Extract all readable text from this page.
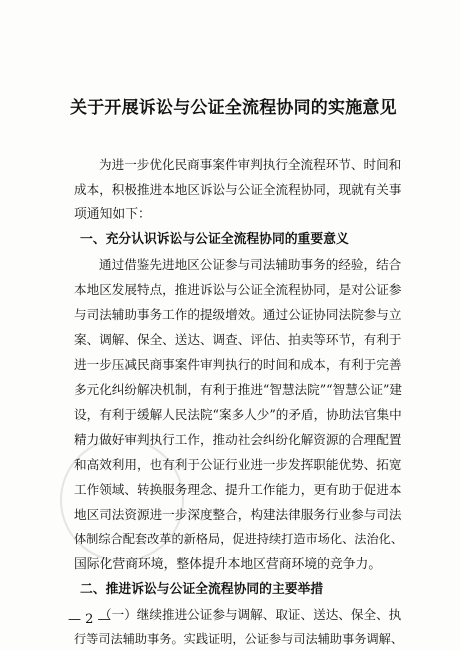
关于开展诉讼与公证全流程协同的实施意见
为进一步优化民商事案件审判执行全流程环节、时间和
成本，积极推进本地区诉讼与公证全流程协同，现就有关事
项通知如下：
一、充分认识诉讼与公证全流程协同的重要意义
通过借鉴先进地区公证参与司法辅助事务的经验，结合
本地区发展特点，推进诉讼与公证全流程协同，是对公证参
与司法辅助事务工作的提级增效。通过公证协同法院参与立
案、调解、保全、送达、调查、评估、拍卖等环节，有利于
进一步压减民商事案件审判执行的时间和成本，有利于完善
多元化纠纷解决机制，有利于推进“智慧法院”“智慧公证”建
设，有利于缓解人民法院“案多人少”的矛盾，协助法官集中
精力做好审判执行工作，推动社会纠纷化解资源的合理配置
和高效利用，也有利于公证行业进一步发挥职能优势、拓宽
工作领域、转换服务理念、提升工作能力，更有助于促进本
地区司法资源进一步深度整合，构建法律服务行业参与司法
体制综合配套改革的新格局，促进持续打造市场化、法治化、
国际化营商环境，整体提升本地区营商环境的竞争力。
二、推进诉讼与公证全流程协同的主要举措
（一）继续推进公证参与调解、取证、送达、保全、执
行等司法辅助事务。实践证明，公证参与司法辅助事务调解、
— 2 —
